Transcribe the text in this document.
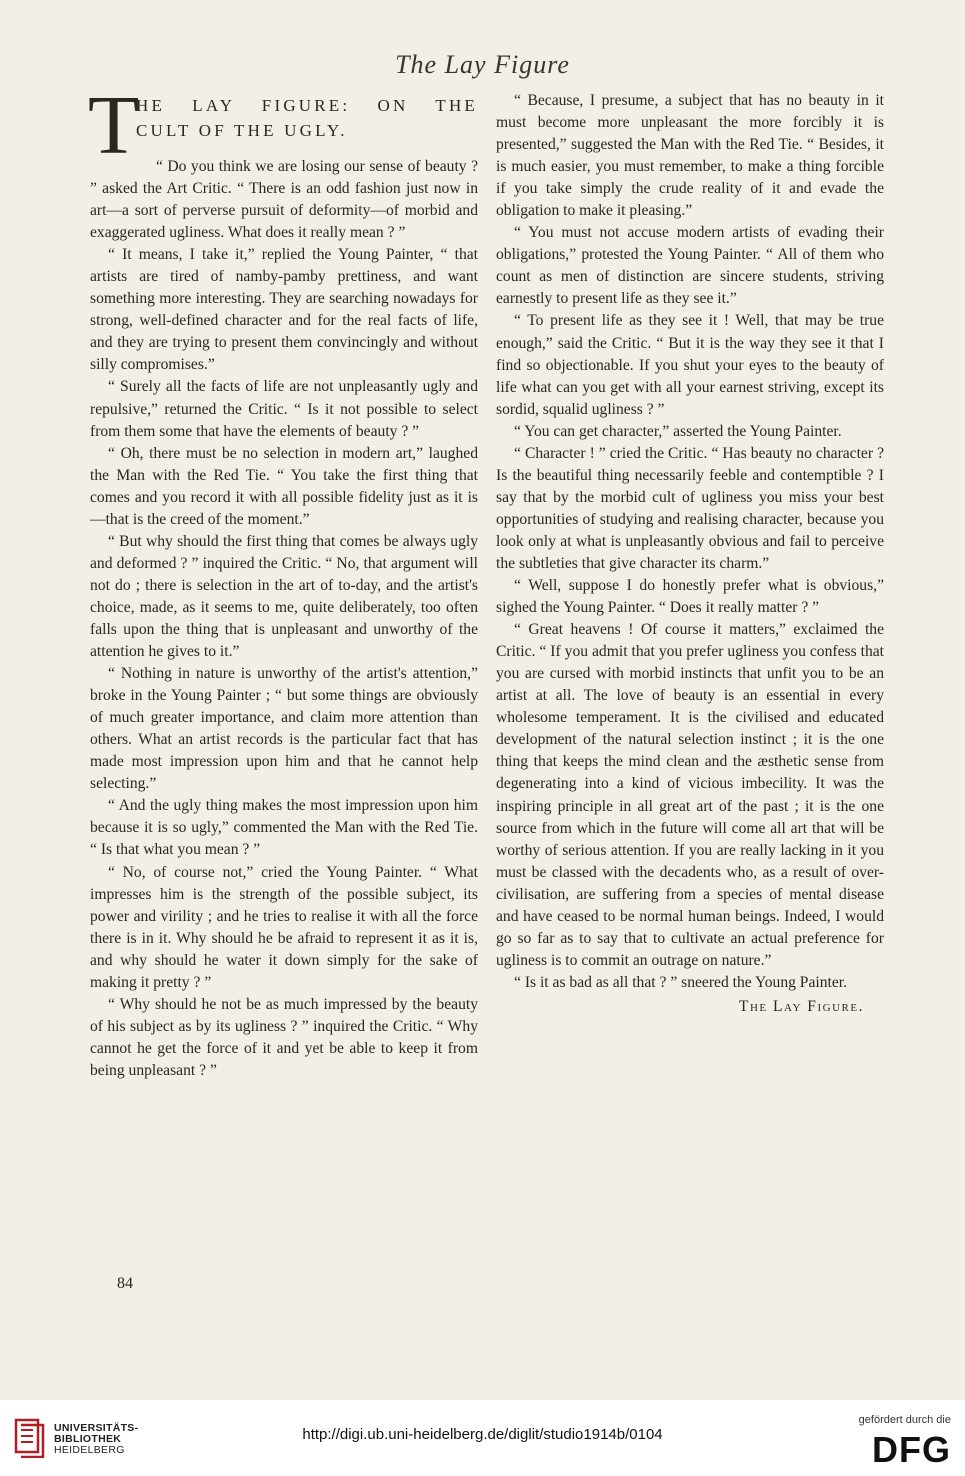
The Lay Figure
T
HE LAY FIGURE: ON THE
CULT OF THE UGLY.

“ Do you think we are losing our sense of beauty ? ” asked the Art Critic. “ There is an odd fashion just now in art—a sort of perverse pursuit of deformity—of morbid and exaggerated ugliness. What does it really mean ? ”

“ It means, I take it,” replied the Young Painter, “ that artists are tired of namby-pamby prettiness, and want something more interesting. They are searching nowadays for strong, well-defined character and for the real facts of life, and they are trying to present them convincingly and without silly compromises.”

“ Surely all the facts of life are not unpleasantly ugly and repulsive,” returned the Critic. “ Is it not possible to select from them some that have the elements of beauty ? ”

“ Oh, there must be no selection in modern art,” laughed the Man with the Red Tie. “ You take the first thing that comes and you record it with all possible fidelity just as it is—that is the creed of the moment.”

“ But why should the first thing that comes be always ugly and deformed ? ” inquired the Critic. “ No, that argument will not do ; there is selection in the art of to-day, and the artist's choice, made, as it seems to me, quite deliberately, too often falls upon the thing that is unpleasant and unworthy of the attention he gives to it.”

“ Nothing in nature is unworthy of the artist's attention,” broke in the Young Painter ; “ but some things are obviously of much greater importance, and claim more attention than others. What an artist records is the particular fact that has made most impression upon him and that he cannot help selecting.”

“ And the ugly thing makes the most impression upon him because it is so ugly,” commented the Man with the Red Tie. “ Is that what you mean ? ”

“ No, of course not,” cried the Young Painter. “ What impresses him is the strength of the possible subject, its power and virility ; and he tries to realise it with all the force there is in it. Why should he be afraid to represent it as it is, and why should he water it down simply for the sake of making it pretty ? ”

“ Why should he not be as much impressed by the beauty of his subject as by its ugliness ? ” inquired the Critic. “ Why cannot he get the force of it and yet be able to keep it from being unpleasant ? ”

“ Because, I presume, a subject that has no beauty in it must become more unpleasant the more forcibly it is presented,” suggested the Man with the Red Tie. “ Besides, it is much easier, you must remember, to make a thing forcible if you take simply the crude reality of it and evade the obligation to make it pleasing.”

“ You must not accuse modern artists of evading their obligations,” protested the Young Painter. “ All of them who count as men of distinction are sincere students, striving earnestly to present life as they see it.”

“ To present life as they see it ! Well, that may be true enough,” said the Critic. “ But it is the way they see it that I find so objectionable. If you shut your eyes to the beauty of life what can you get with all your earnest striving, except its sordid, squalid ugliness ? ”

“ You can get character,” asserted the Young Painter.

“ Character ! ” cried the Critic. “ Has beauty no character ? Is the beautiful thing necessarily feeble and contemptible ? I say that by the morbid cult of ugliness you miss your best opportunities of studying and realising character, because you look only at what is unpleasantly obvious and fail to perceive the subtleties that give character its charm.”

“ Well, suppose I do honestly prefer what is obvious,” sighed the Young Painter. “ Does it really matter ? ”

“ Great heavens ! Of course it matters,” exclaimed the Critic. “ If you admit that you prefer ugliness you confess that you are cursed with morbid instincts that unfit you to be an artist at all. The love of beauty is an essential in every wholesome temperament. It is the civilised and educated development of the natural selection instinct ; it is the one thing that keeps the mind clean and the æsthetic sense from degenerating into a kind of vicious imbecility. It was the inspiring principle in all great art of the past ; it is the one source from which in the future will come all art that will be worthy of serious attention. If you are really lacking in it you must be classed with the decadents who, as a result of over-civilisation, are suffering from a species of mental disease and have ceased to be normal human beings. Indeed, I would go so far as to say that to cultivate an actual preference for ugliness is to commit an outrage on nature.”

“ Is it as bad as all that ? ” sneered the Young Painter.

The Lay Figure.
84
UNIVERSITÄTS-
BIBLIOTHEK
HEIDELBERG
http://digi.ub.uni-heidelberg.de/diglit/studio1914b/0104
gefördert durch die
DFG
